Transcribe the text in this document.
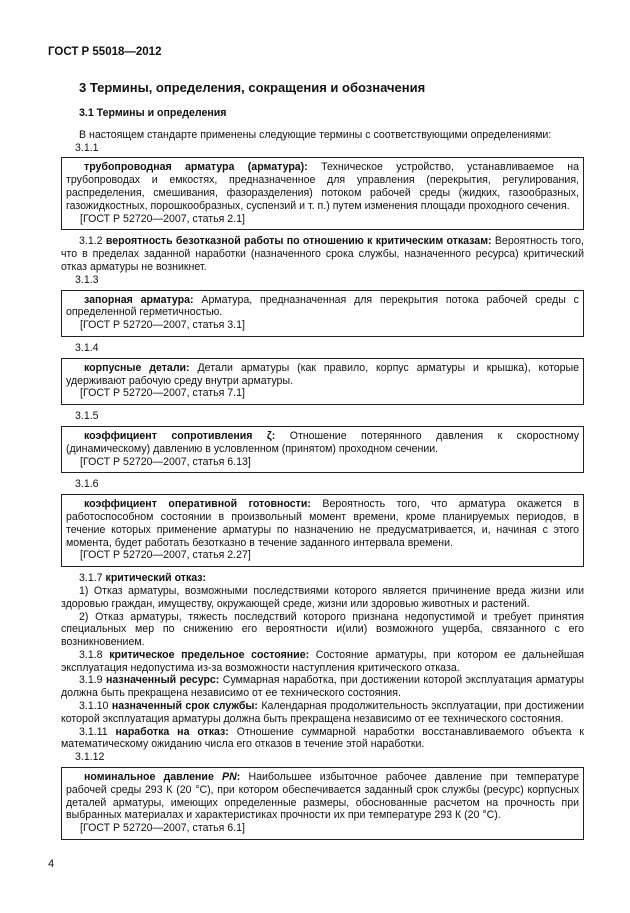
ГОСТ Р 55018—2012
3 Термины, определения, сокращения и обозначения
3.1 Термины и определения

В настоящем стандарте применены следующие термины с соответствующими определениями:

3.1.1

трубопроводная арматура (арматура): Техническое устройство, устанавливаемое на трубопроводах и емкостях, предназначенное для управления (перекрытия, регулирования, распределения, смешивания, фазоразделения) потоком рабочей среды (жидких, газообразных, газожидкостных, порошкообразных, суспензий и т. п.) путем изменения площади проходного сечения.

[ГОСТ Р 52720—2007, статья 2.1]

3.1.2 вероятность безотказной работы по отношению к критическим отказам: Вероятность того, что в пределах заданной наработки (назначенного срока службы, назначенного ресурса) критический отказ арматуры не возникнет.

3.1.3

запорная арматура: Арматура, предназначенная для перекрытия потока рабочей среды с определенной герметичностью.

[ГОСТ Р 52720—2007, статья 3.1]
3.1.4

корпусные детали: Детали арматуры (как правило, корпус арматуры и крышка), которые удерживают рабочую среду внутри арматуры.

[ГОСТ Р 52720—2007, статья 7.1]
3.1.5

коэффициент сопротивления ζ: Отношение потерянного давления к скоростному (динамическому) давлению в условленном (принятом) проходном сечении.

[ГОСТ Р 52720—2007, статья 6.13]
3.1.6

коэффициент оперативной готовности: Вероятность того, что арматура окажется в работоспособном состоянии в произвольный момент времени, кроме планируемых периодов, в течение которых применение арматуры по назначению не предусматривается, и, начиная с этого момента, будет работать безотказно в течение заданного интервала времени.

[ГОСТ Р 52720—2007, статья 2.27]

3.1.7 критический отказ:

1) Отказ арматуры, возможными последствиями которого является причинение вреда жизни или здоровью граждан, имуществу, окружающей среде, жизни или здоровью животных и растений.

2) Отказ арматуры, тяжесть последствий которого признана недопустимой и требует принятия специальных мер по снижению его вероятности и(или) возможного ущерба, связанного с его возникновением.

3.1.8 критическое предельное состояние: Состояние арматуры, при котором ее дальнейшая эксплуатация недопустима из-за возможности наступления критического отказа.

3.1.9 назначенный ресурс: Суммарная наработка, при достижении которой эксплуатация арматуры должна быть прекращена независимо от ее технического состояния.

3.1.10 назначенный срок службы: Календарная продолжительность эксплуатации, при достижении которой эксплуатация арматуры должна быть прекращена независимо от ее технического состояния.

3.1.11 наработка на отказ: Отношение суммарной наработки восстанавливаемого объекта к математическому ожиданию числа его отказов в течение этой наработки.

3.1.12

номинальное давление PN: Наибольшее избыточное рабочее давление при температуре рабочей среды 293 К (20 °С), при котором обеспечивается заданный срок службы (ресурс) корпусных деталей арматуры, имеющих определенные размеры, обоснованные расчетом на прочность при выбранных материалах и характеристиках прочности их при температуре 293 К (20 °С).

[ГОСТ Р 52720—2007, статья 6.1]
4
